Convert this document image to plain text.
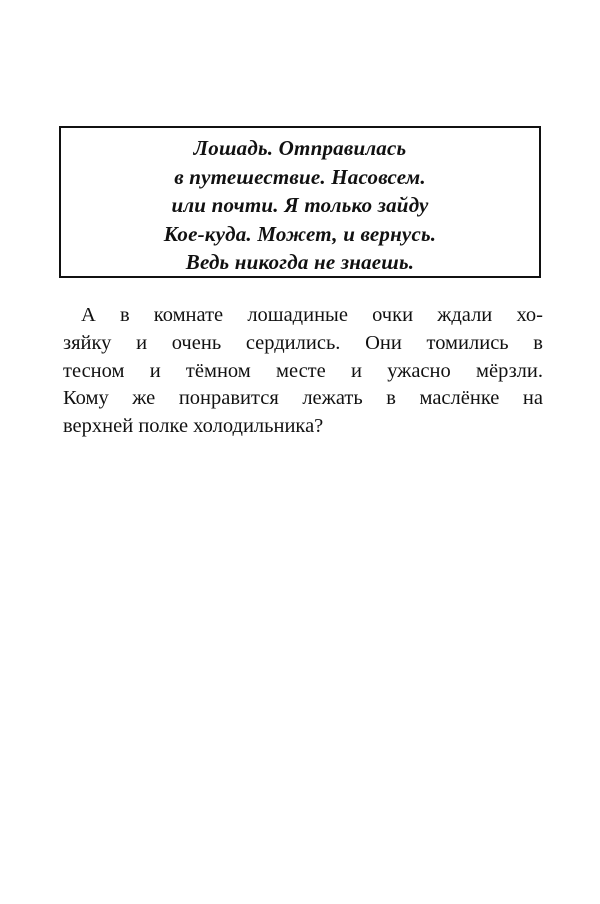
Лошадь. Отправилась
в путешествие. Насовсем.
или почти. Я только зайду
Кое-куда. Может, и вернусь.
Ведь никогда не знаешь.
А в комнате лошадиные очки ждали хо-
зяйку и очень сердились. Они томились в
тесном и тёмном месте и ужасно мёрзли.
Кому же понравится лежать в маслёнке на
верхней полке холодильника?
